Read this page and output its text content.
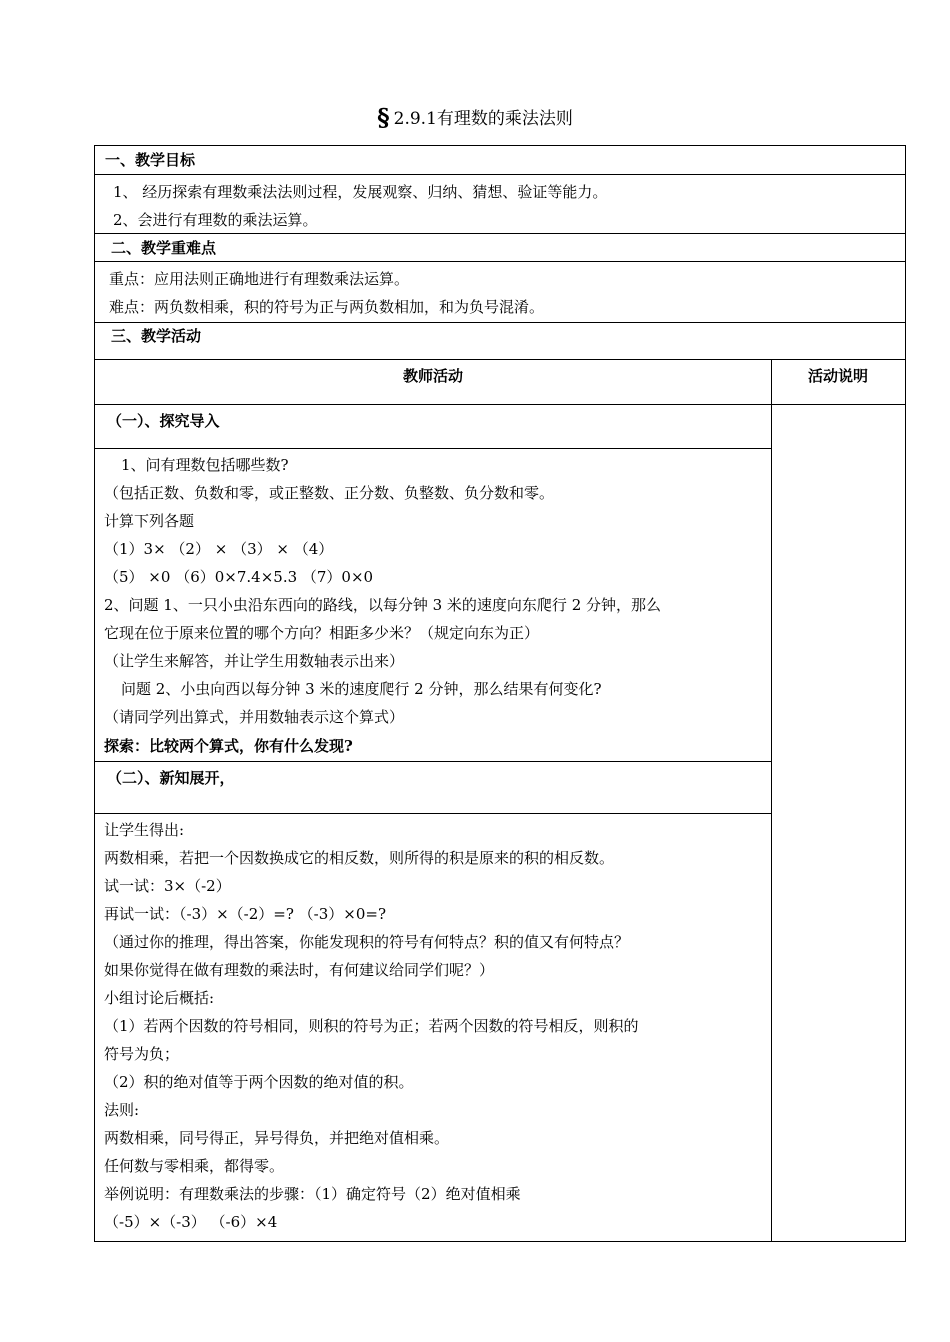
§ 2.9.1有理数的乘法法则
一、教学目标
1、 经历探索有理数乘法法则过程，发展观察、归纳、猜想、验证等能力。
2、会进行有理数的乘法运算。
二、教学重难点
重点：应用法则正确地进行有理数乘法运算。
难点：两负数相乘，积的符号为正与两负数相加，和为负号混淆。
三、教学活动
教师活动	活动说明
（一）、探究导入
1、问有理数包括哪些数?
（包括正数、负数和零，或正整数、正分数、负整数、负分数和零。
计算下列各题
（1）3× （2） × （3） × （4）
（5） ×0 （6）0×7.4×5.3 （7）0×0
2、问题 1、一只小虫沿东西向的路线，以每分钟 3 米的速度向东爬行 2 分钟，那么
它现在位于原来位置的哪个方向？相距多少米？（规定向东为正）
（让学生来解答，并让学生用数轴表示出来）
问题 2、小虫向西以每分钟 3 米的速度爬行 2 分钟，那么结果有何变化?
（请同学列出算式，并用数轴表示这个算式）
探索：比较两个算式，你有什么发现?
（二）、新知展开，
让学生得出:
两数相乘，若把一个因数换成它的相反数，则所得的积是原来的积的相反数。
试一试：3×（-2）
再试一试：（-3）×（-2）=? （-3）×0=?
（通过你的推理，得出答案，你能发现积的符号有何特点？积的值又有何特点？
如果你觉得在做有理数的乘法时，有何建议给同学们呢？）
小组讨论后概括:
（1）若两个因数的符号相同，则积的符号为正；若两个因数的符号相反，则积的
符号为负；
（2）积的绝对值等于两个因数的绝对值的积。
法则:
两数相乘，同号得正，异号得负，并把绝对值相乘。
任何数与零相乘，都得零。
举例说明：有理数乘法的步骤：（1）确定符号（2）绝对值相乘
（-5）×（-3） （-6）×4
